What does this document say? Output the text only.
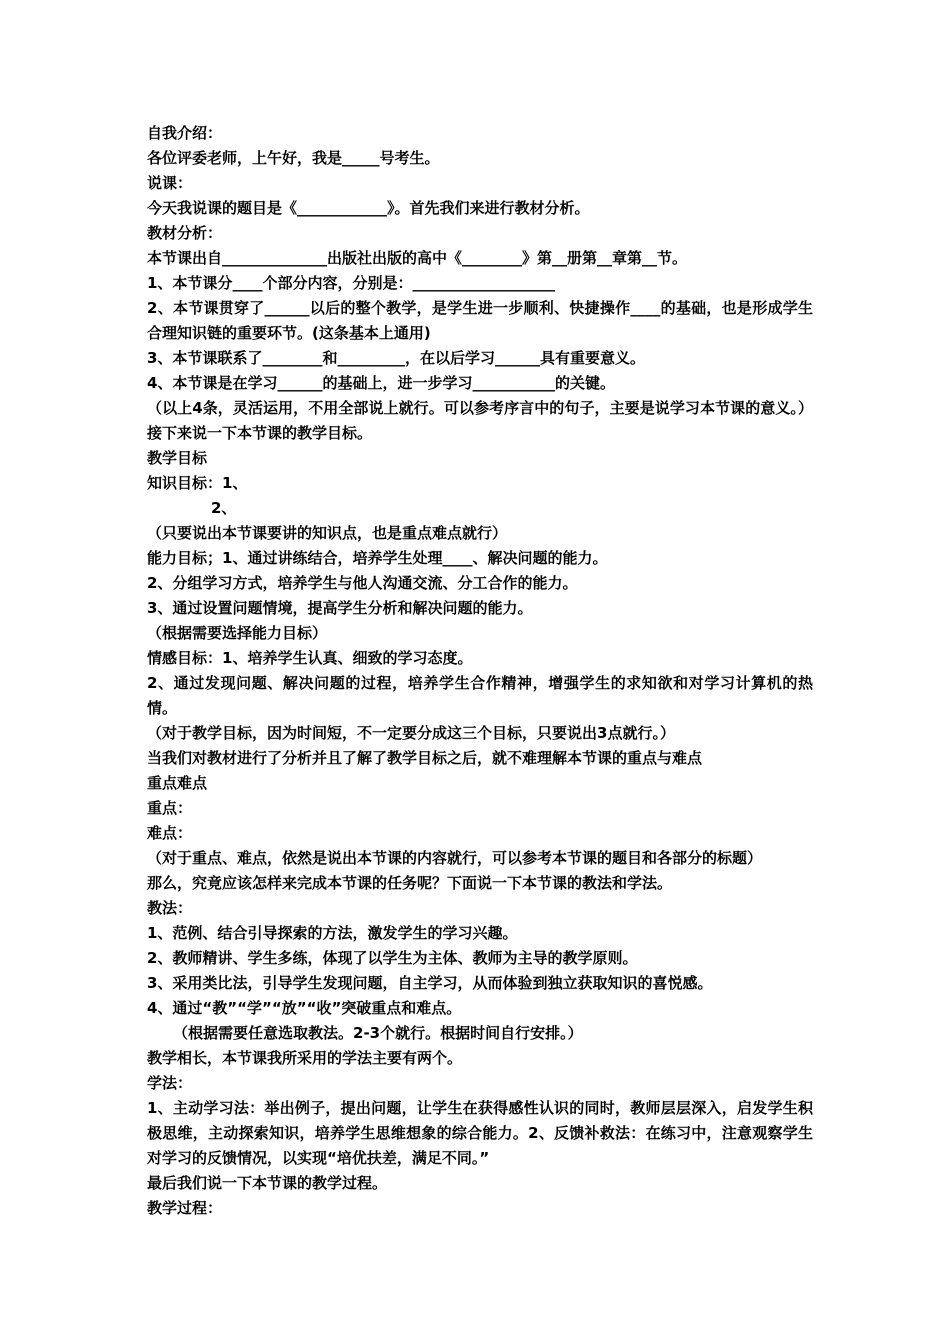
自我介绍：
各位评委老师，上午好，我是_____号考生。
说课：
今天我说课的题目是《____________》。首先我们来进行教材分析。
教材分析：
本节课出自______________出版社出版的高中《________》第__册第__章第__节。
1、本节课分____个部分内容，分别是：___________________
2、本节课贯穿了______以后的整个教学，是学生进一步顺利、快捷操作____的基础，也是形成学生合理知识链的重要环节。(这条基本上通用)
3、本节课联系了________和_________，在以后学习______具有重要意义。
4、本节课是在学习______的基础上，进一步学习___________的关键。
（以上4条，灵活运用，不用全部说上就行。可以参考序言中的句子，主要是说学习本节课的意义。）接下来说一下本节课的教学目标。
教学目标
知识目标：1、
2、
（只要说出本节课要讲的知识点，也是重点难点就行）
能力目标；1、通过讲练结合，培养学生处理____、解决问题的能力。
2、分组学习方式，培养学生与他人沟通交流、分工合作的能力。
3、通过设置问题情境，提高学生分析和解决问题的能力。
（根据需要选择能力目标）
情感目标：1、培养学生认真、细致的学习态度。
2、通过发现问题、解决问题的过程，培养学生合作精神，增强学生的求知欲和对学习计算机的热情。
（对于教学目标，因为时间短，不一定要分成这三个目标，只要说出3点就行。）
当我们对教材进行了分析并且了解了教学目标之后，就不难理解本节课的重点与难点
重点难点
重点：
难点：
（对于重点、难点，依然是说出本节课的内容就行，可以参考本节课的题目和各部分的标题）
那么，究竟应该怎样来完成本节课的任务呢？下面说一下本节课的教法和学法。
教法：
1、范例、结合引导探索的方法，激发学生的学习兴趣。
2、教师精讲、学生多练，体现了以学生为主体、教师为主导的教学原则。
3、采用类比法，引导学生发现问题，自主学习，从而体验到独立获取知识的喜悦感。
4、通过“教”“学”“放”“收”突破重点和难点。
（根据需要任意选取教法。2-3个就行。根据时间自行安排。）
教学相长，本节课我所采用的学法主要有两个。
学法：
1、主动学习法：举出例子，提出问题，让学生在获得感性认识的同时，教师层层深入，启发学生积极思维，主动探索知识，培养学生思维想象的综合能力。2、反馈补救法：在练习中，注意观察学生对学习的反馈情况，以实现“培优扶差，满足不同。”
最后我们说一下本节课的教学过程。
教学过程：
